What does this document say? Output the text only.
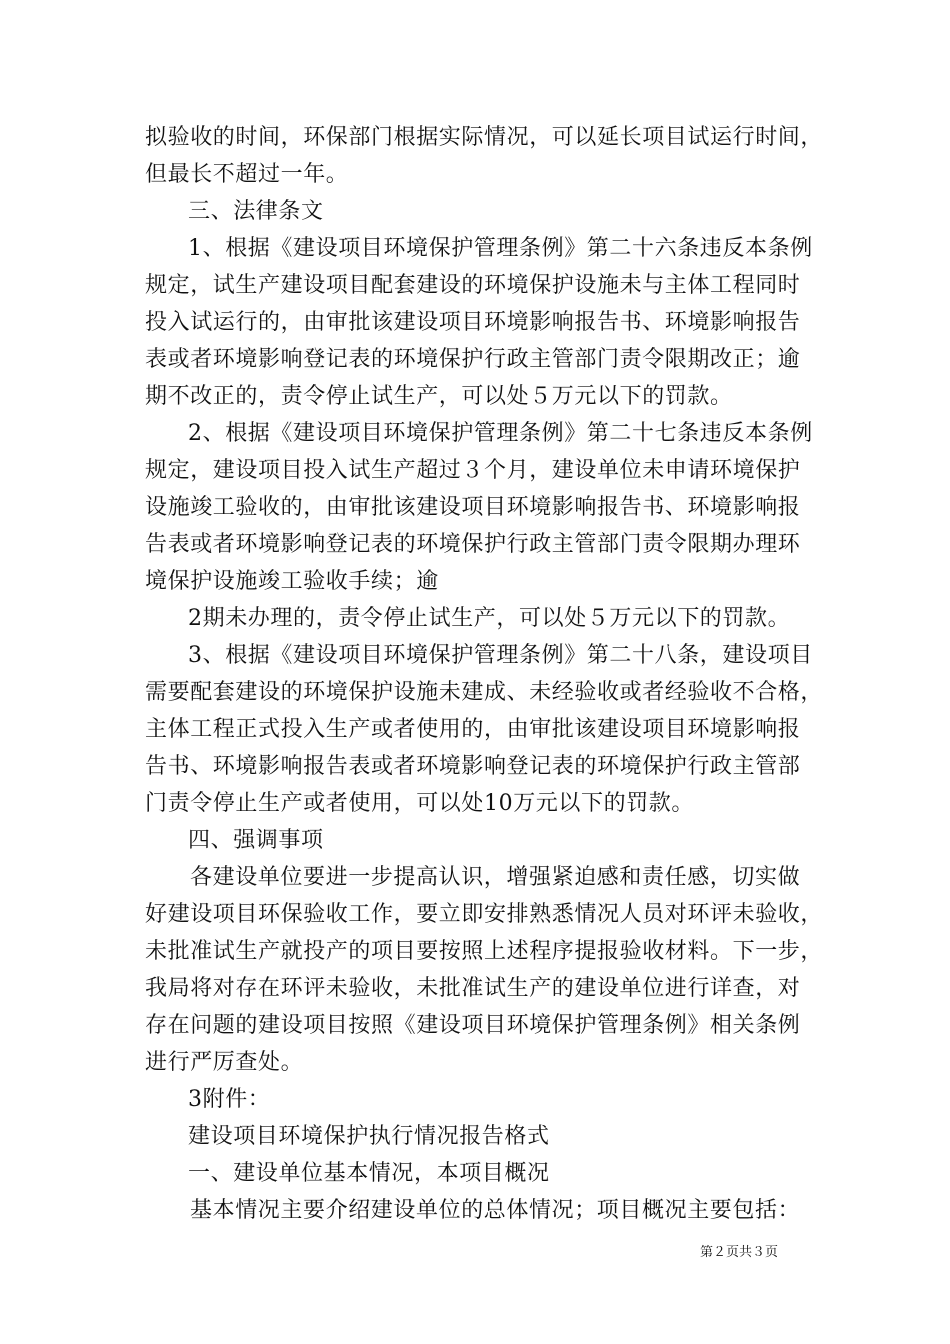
拟验收的时间，环保部门根据实际情况，可以延长项目试运行时间，
但最长不超过一年。
三、法律条文
1、根据《建设项目环境保护管理条例》第二十六条违反本条例
规定，试生产建设项目配套建设的环境保护设施未与主体工程同时
投入试运行的，由审批该建设项目环境影响报告书、环境影响报告
表或者环境影响登记表的环境保护行政主管部门责令限期改正；逾
期不改正的，责令停止试生产，可以处５万元以下的罚款。
2、根据《建设项目环境保护管理条例》第二十七条违反本条例
规定，建设项目投入试生产超过３个月，建设单位未申请环境保护
设施竣工验收的，由审批该建设项目环境影响报告书、环境影响报
告表或者环境影响登记表的环境保护行政主管部门责令限期办理环
境保护设施竣工验收手续；逾
2期未办理的，责令停止试生产，可以处５万元以下的罚款。
3、根据《建设项目环境保护管理条例》第二十八条，建设项目
需要配套建设的环境保护设施未建成、未经验收或者经验收不合格，
主体工程正式投入生产或者使用的，由审批该建设项目环境影响报
告书、环境影响报告表或者环境影响登记表的环境保护行政主管部
门责令停止生产或者使用，可以处10万元以下的罚款。
四、强调事项
各建设单位要进一步提高认识，增强紧迫感和责任感，切实做
好建设项目环保验收工作，要立即安排熟悉情况人员对环评未验收，
未批准试生产就投产的项目要按照上述程序提报验收材料。下一步，
我局将对存在环评未验收，未批准试生产的建设单位进行详查，对
存在问题的建设项目按照《建设项目环境保护管理条例》相关条例
进行严厉查处。
3附件：
建设项目环境保护执行情况报告格式
一、建设单位基本情况，本项目概况
基本情况主要介绍建设单位的总体情况；项目概况主要包括：
第２页共３页
